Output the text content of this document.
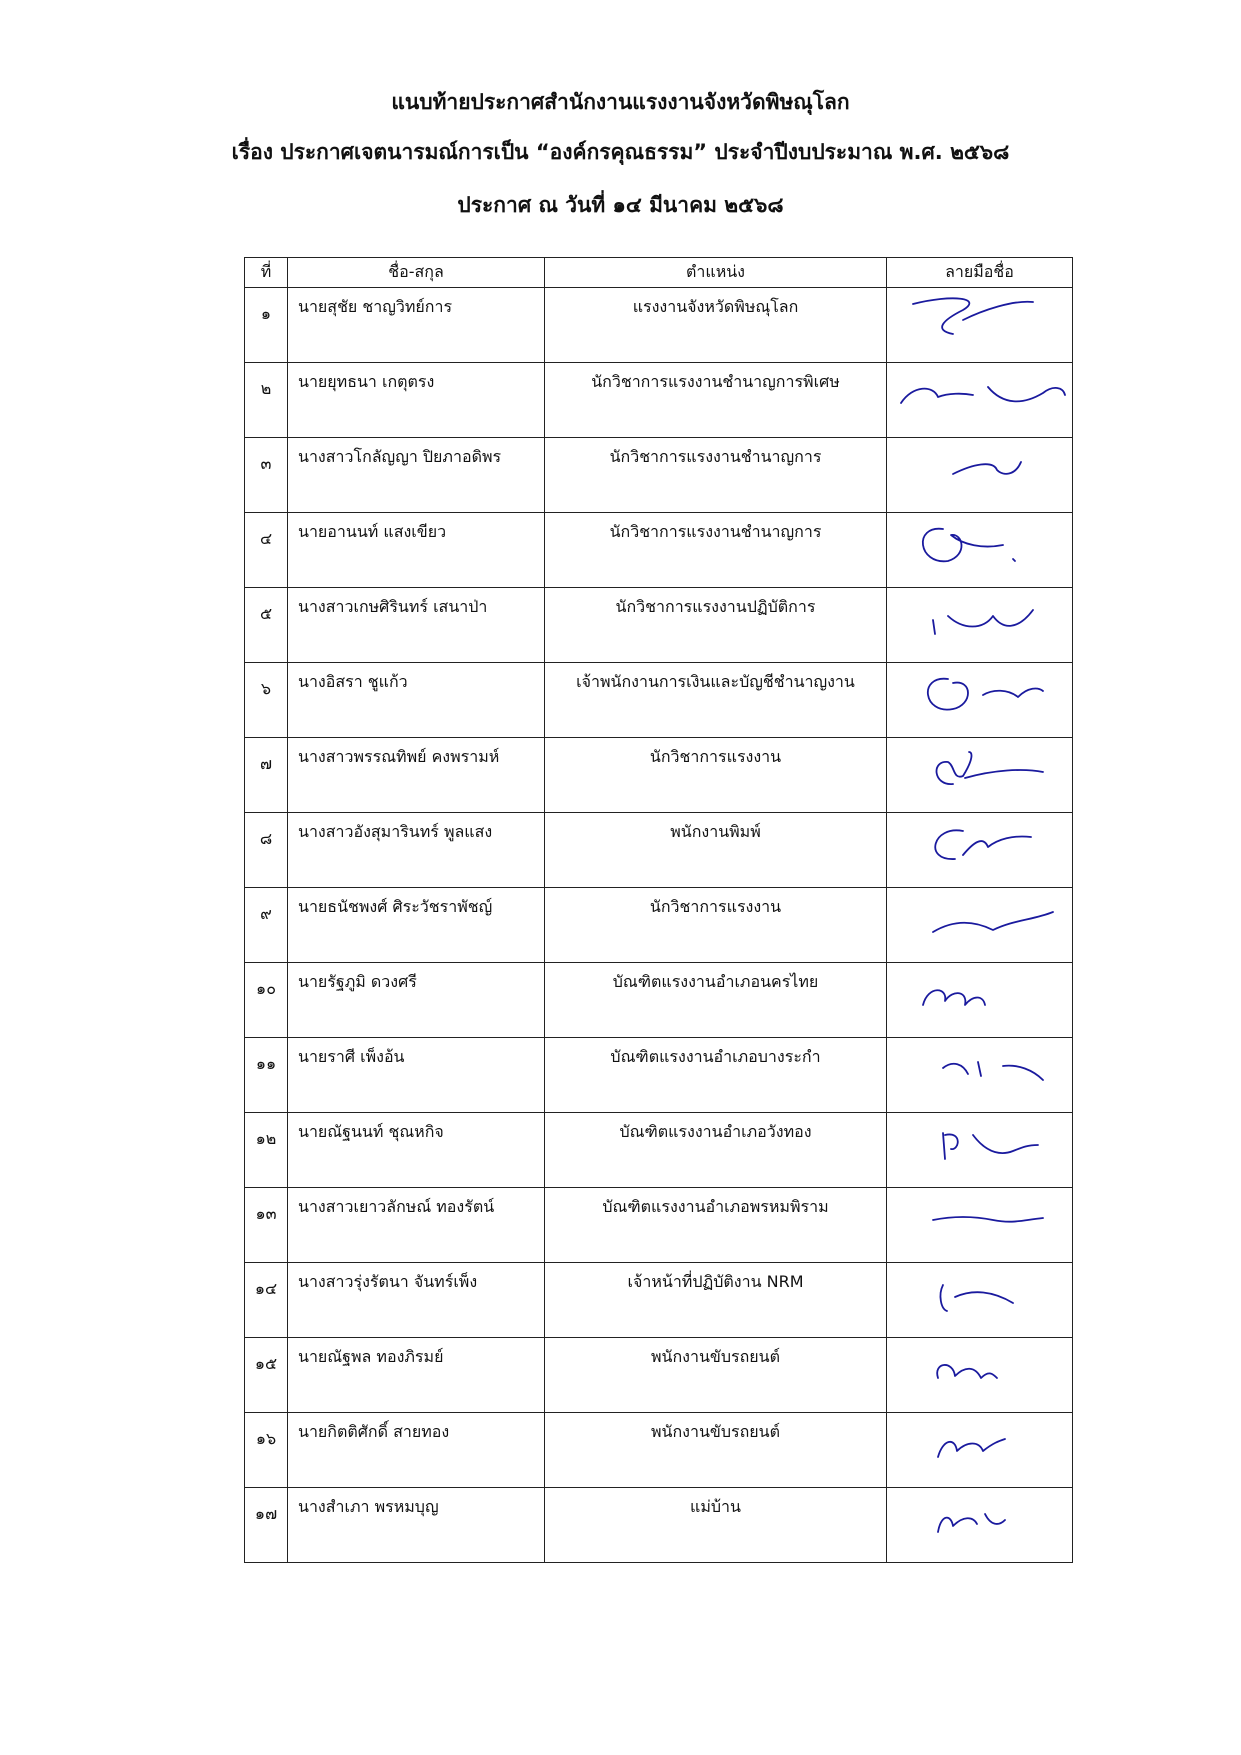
แนบท้ายประกาศสำนักงานแรงงานจังหวัดพิษณุโลก
เรื่อง ประกาศเจตนารมณ์การเป็น “องค์กรคุณธรรม” ประจำปีงบประมาณ พ.ศ. ๒๕๖๘
ประกาศ ณ วันที่ ๑๔ มีนาคม ๒๕๖๘
ที่	ชื่อ-สกุล	ตำแหน่ง	ลายมือชื่อ
๑	นายสุชัย ชาญวิทย์การ	แรงงานจังหวัดพิษณุโลก	

๒	นายยุทธนา เกตุตรง	นักวิชาการแรงงานชำนาญการพิเศษ	

๓	นางสาวโกลัญญา ปิยภาอดิพร	นักวิชาการแรงงานชำนาญการ	

๔	นายอานนท์ แสงเขียว	นักวิชาการแรงงานชำนาญการ	

๕	นางสาวเกษศิรินทร์ เสนาป่า	นักวิชาการแรงงานปฏิบัติการ	

๖	นางอิสรา ชูแก้ว	เจ้าพนักงานการเงินและบัญชีชำนาญงาน	

๗	นางสาวพรรณทิพย์ คงพรามห์	นักวิชาการแรงงาน	

๘	นางสาวอังสุมารินทร์ พูลแสง	พนักงานพิมพ์	

๙	นายธนัชพงศ์ ศิระวัชราพัชญ์	นักวิชาการแรงงาน	

๑๐	นายรัฐภูมิ ดวงศรี	บัณฑิตแรงงานอำเภอนครไทย	

๑๑	นายราศี เพ็งอ้น	บัณฑิตแรงงานอำเภอบางระกำ	

๑๒	นายณัฐนนท์ ชุณหกิจ	บัณฑิตแรงงานอำเภอวังทอง	

๑๓	นางสาวเยาวลักษณ์ ทองรัตน์	บัณฑิตแรงงานอำเภอพรหมพิราม	

๑๔	นางสาวรุ่งรัตนา จันทร์เพ็ง	เจ้าหน้าที่ปฏิบัติงาน NRM	

๑๕	นายณัฐพล ทองภิรมย์	พนักงานขับรถยนต์	

๑๖	นายกิตติศักดิ์ สายทอง	พนักงานขับรถยนต์	

๑๗	นางสำเภา พรหมบุญ	แม่บ้าน	
